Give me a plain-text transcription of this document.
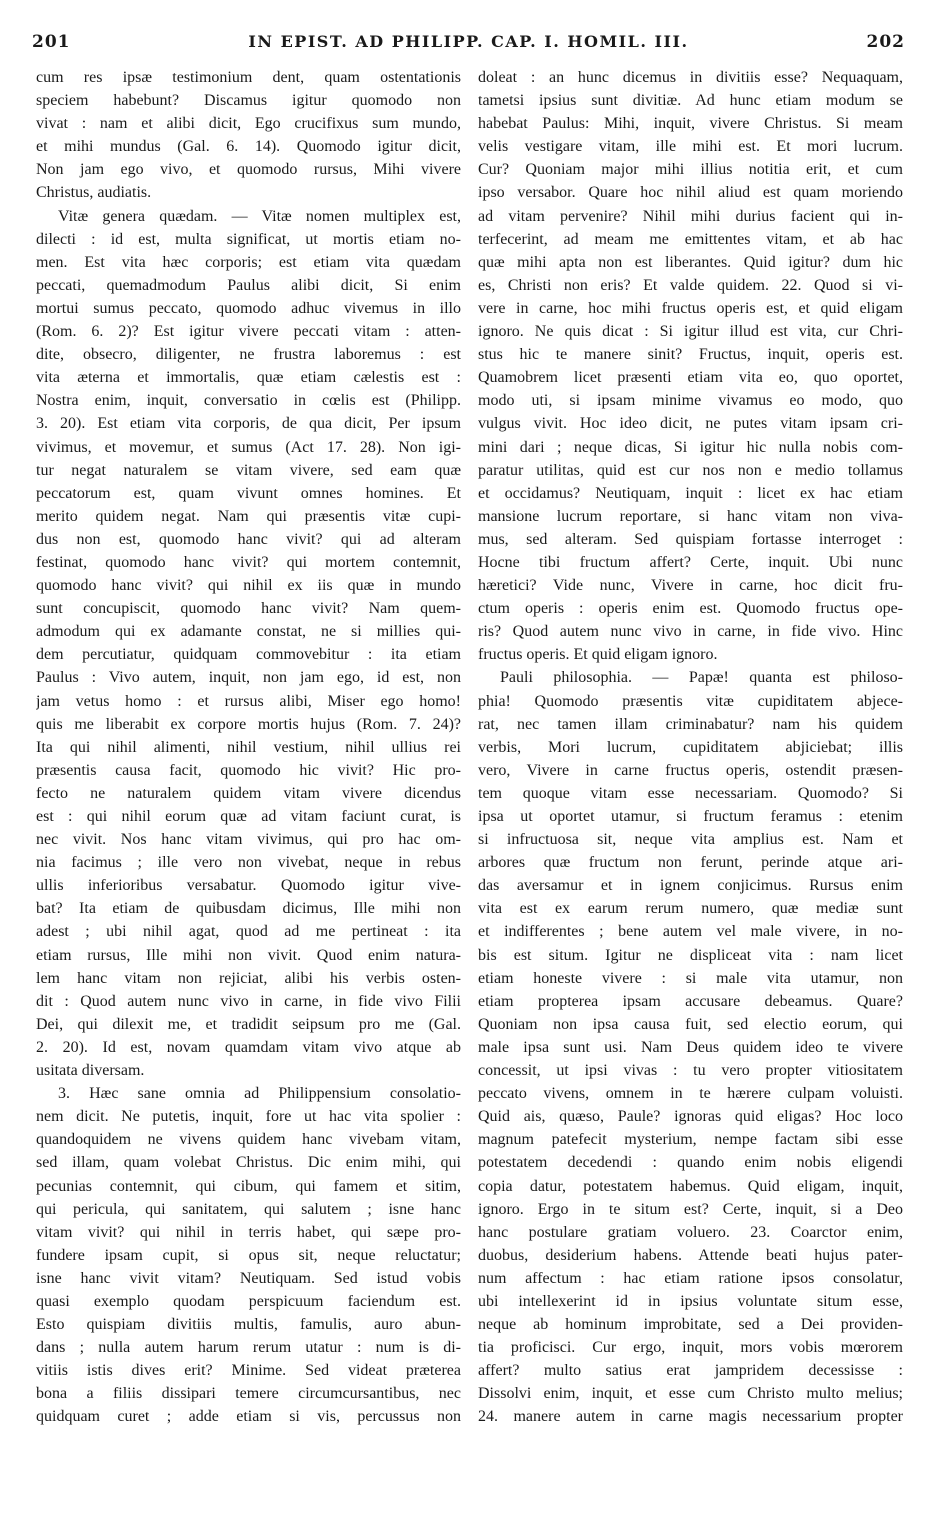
201	IN EPIST. AD PHILIPP. CAP. I. HOMIL. III.	202
cum res ipsæ testimonium dent, quam ostentationis
speciem habebunt? Discamus igitur quomodo non
vivat : nam et alibi dicit, Ego crucifixus sum mundo,
et mihi mundus (Gal. 6. 14). Quomodo igitur dicit,
Non jam ego vivo, et quomodo rursus, Mihi vivere
Christus, audiatis.
Vitæ genera quædam. — Vitæ nomen multiplex est,
dilecti : id est, multa significat, ut mortis etiam no-
men. Est vita hæc corporis; est etiam vita quædam
peccati, quemadmodum Paulus alibi dicit, Si enim
mortui sumus peccato, quomodo adhuc vivemus in illo
(Rom. 6. 2)? Est igitur vivere peccati vitam : atten-
dite, obsecro, diligenter, ne frustra laboremus : est
vita æterna et immortalis, quæ etiam cælestis est :
Nostra enim, inquit, conversatio in cœlis est (Philipp.
3. 20). Est etiam vita corporis, de qua dicit, Per ipsum
vivimus, et movemur, et sumus (Act 17. 28). Non igi-
tur negat naturalem se vitam vivere, sed eam quæ
peccatorum est, quam vivunt omnes homines. Et
merito quidem negat. Nam qui præsentis vitæ cupi-
dus non est, quomodo hanc vivit? qui ad alteram
festinat, quomodo hanc vivit? qui mortem contemnit,
quomodo hanc vivit? qui nihil ex iis quæ in mundo
sunt concupiscit, quomodo hanc vivit? Nam quem-
admodum qui ex adamante constat, ne si millies qui-
dem percutiatur, quidquam commovebitur : ita etiam
Paulus : Vivo autem, inquit, non jam ego, id est, non
jam vetus homo : et rursus alibi, Miser ego homo!
quis me liberabit ex corpore mortis hujus (Rom. 7. 24)?
Ita qui nihil alimenti, nihil vestium, nihil ullius rei
præsentis causa facit, quomodo hic vivit? Hic pro-
fecto ne naturalem quidem vitam vivere dicendus
est : qui nihil eorum quæ ad vitam faciunt curat, is
nec vivit. Nos hanc vitam vivimus, qui pro hac om-
nia facimus ; ille vero non vivebat, neque in rebus
ullis inferioribus versabatur. Quomodo igitur vive-
bat? Ita etiam de quibusdam dicimus, Ille mihi non
adest ; ubi nihil agat, quod ad me pertineat : ita
etiam rursus, Ille mihi non vivit. Quod enim natura-
lem hanc vitam non rejiciat, alibi his verbis osten-
dit : Quod autem nunc vivo in carne, in fide vivo Filii
Dei, qui dilexit me, et tradidit seipsum pro me (Gal.
2. 20). Id est, novam quamdam vitam vivo atque ab
usitata diversam.
3. Hæc sane omnia ad Philippensium consolatio-
nem dicit. Ne putetis, inquit, fore ut hac vita spolier :
quandoquidem ne vivens quidem hanc vivebam vitam,
sed illam, quam volebat Christus. Dic enim mihi, qui
pecunias contemnit, qui cibum, qui famem et sitim,
qui pericula, qui sanitatem, qui salutem ; isne hanc
vitam vivit? qui nihil in terris habet, qui sæpe pro-
fundere ipsam cupit, si opus sit, neque reluctatur;
isne hanc vivit vitam? Neutiquam. Sed istud vobis
quasi exemplo quodam perspicuum faciendum est.
Esto quispiam divitiis multis, famulis, auro abun-
dans ; nulla autem harum rerum utatur : num is di-
vitiis istis dives erit? Minime. Sed videat præterea
bona a filiis dissipari temere circumcursantibus, nec
quidquam curet ; adde etiam si vis, percussus non
doleat : an hunc dicemus in divitiis esse? Nequaquam,
tametsi ipsius sunt divitiæ. Ad hunc etiam modum se
habebat Paulus: Mihi, inquit, vivere Christus. Si meam
velis vestigare vitam, ille mihi est. Et mori lucrum.
Cur? Quoniam major mihi illius notitia erit, et cum
ipso versabor. Quare hoc nihil aliud est quam moriendo
ad vitam pervenire? Nihil mihi durius facient qui in-
terfecerint, ad meam me emittentes vitam, et ab hac
quæ mihi apta non est liberantes. Quid igitur? dum hic
es, Christi non eris? Et valde quidem. 22. Quod si vi-
vere in carne, hoc mihi fructus operis est, et quid eligam
ignoro. Ne quis dicat : Si igitur illud est vita, cur Chri-
stus hic te manere sinit? Fructus, inquit, operis est.
Quamobrem licet præsenti etiam vita eo, quo oportet,
modo uti, si ipsam minime vivamus eo modo, quo
vulgus vivit. Hoc ideo dicit, ne putes vitam ipsam cri-
mini dari ; neque dicas, Si igitur hic nulla nobis com-
paratur utilitas, quid est cur nos non e medio tollamus
et occidamus? Neutiquam, inquit : licet ex hac etiam
mansione lucrum reportare, si hanc vitam non viva-
mus, sed alteram. Sed quispiam fortasse interroget :
Hocne tibi fructum affert? Certe, inquit. Ubi nunc
hæretici? Vide nunc, Vivere in carne, hoc dicit fru-
ctum operis : operis enim est. Quomodo fructus ope-
ris? Quod autem nunc vivo in carne, in fide vivo. Hinc
fructus operis. Et quid eligam ignoro.
Pauli philosophia. — Papæ! quanta est philoso-
phia! Quomodo præsentis vitæ cupiditatem abjece-
rat, nec tamen illam criminabatur? nam his quidem
verbis, Mori lucrum, cupiditatem abjiciebat; illis
vero, Vivere in carne fructus operis, ostendit præsen-
tem quoque vitam esse necessariam. Quomodo? Si
ipsa ut oportet utamur, si fructum feramus : etenim
si infructuosa sit, neque vita amplius est. Nam et
arbores quæ fructum non ferunt, perinde atque ari-
das aversamur et in ignem conjicimus. Rursus enim
vita est ex earum rerum numero, quæ mediæ sunt
et indifferentes ; bene autem vel male vivere, in no-
bis est situm. Igitur ne displiceat vita : nam licet
etiam honeste vivere : si male vita utamur, non
etiam propterea ipsam accusare debeamus. Quare?
Quoniam non ipsa causa fuit, sed electio eorum, qui
male ipsa sunt usi. Nam Deus quidem ideo te vivere
concessit, ut ipsi vivas : tu vero propter vitiositatem
peccato vivens, omnem in te hærere culpam voluisti.
Quid ais, quæso, Paule? ignoras quid eligas? Hoc loco
magnum patefecit mysterium, nempe factam sibi esse
potestatem decedendi : quando enim nobis eligendi
copia datur, potestatem habemus. Quid eligam, inquit,
ignoro. Ergo in te situm est? Certe, inquit, si a Deo
hanc postulare gratiam voluero. 23. Coarctor enim,
duobus, desiderium habens. Attende beati hujus pater-
num affectum : hac etiam ratione ipsos consolatur,
ubi intellexerint id in ipsius voluntate situm esse,
neque ab hominum improbitate, sed a Dei providen-
tia proficisci. Cur ergo, inquit, mors vobis mœrorem
affert? multo satius erat jampridem decessisse :
Dissolvi enim, inquit, et esse cum Christo multo melius;
24. manere autem in carne magis necessarium propter
